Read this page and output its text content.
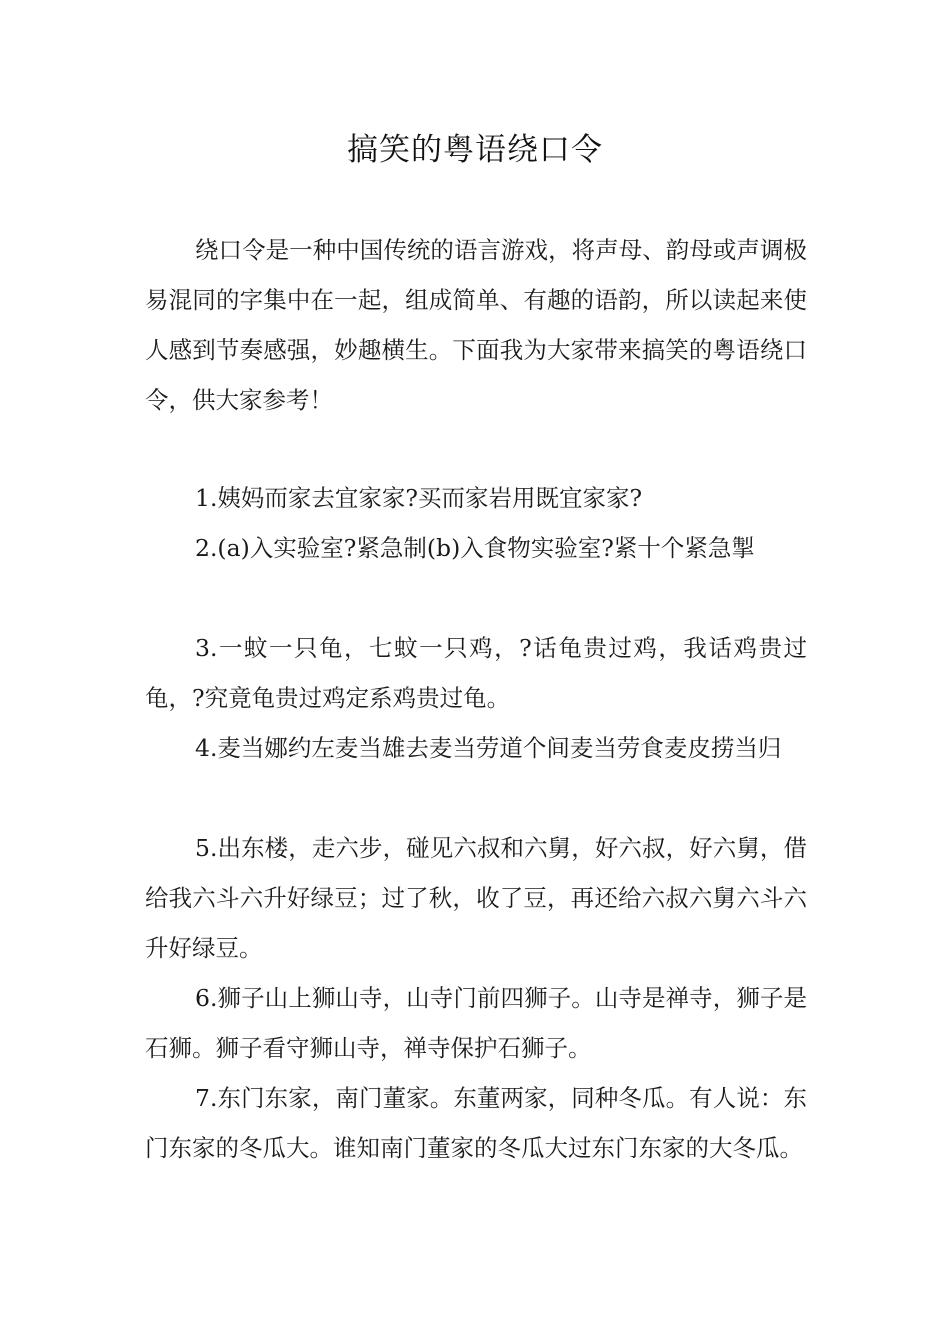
搞笑的粤语绕口令

绕口令是一种中国传统的语言游戏，将声母、韵母或声调极易混同的字集中在一起，组成简单、有趣的语韵，所以读起来使人感到节奏感强，妙趣横生。下面我为大家带来搞笑的粤语绕口令，供大家参考！

1.姨妈而家去宜家家?买而家岩用既宜家家?

2.(a)入实验室?紧急制(b)入食物实验室?紧十个紧急掣

3.一蚊一只龟，七蚊一只鸡，?话龟贵过鸡，我话鸡贵过龟，?究竟龟贵过鸡定系鸡贵过龟。

4.麦当娜约左麦当雄去麦当劳道个间麦当劳食麦皮捞当归

5.出东楼，走六步，碰见六叔和六舅，好六叔，好六舅，借给我六斗六升好绿豆；过了秋，收了豆，再还给六叔六舅六斗六升好绿豆。

6.狮子山上狮山寺，山寺门前四狮子。山寺是禅寺，狮子是石狮。狮子看守狮山寺，禅寺保护石狮子。

7.东门东家，南门董家。东董两家，同种冬瓜。有人说：东门东家的冬瓜大。谁知南门董家的冬瓜大过东门东家的大冬瓜。
